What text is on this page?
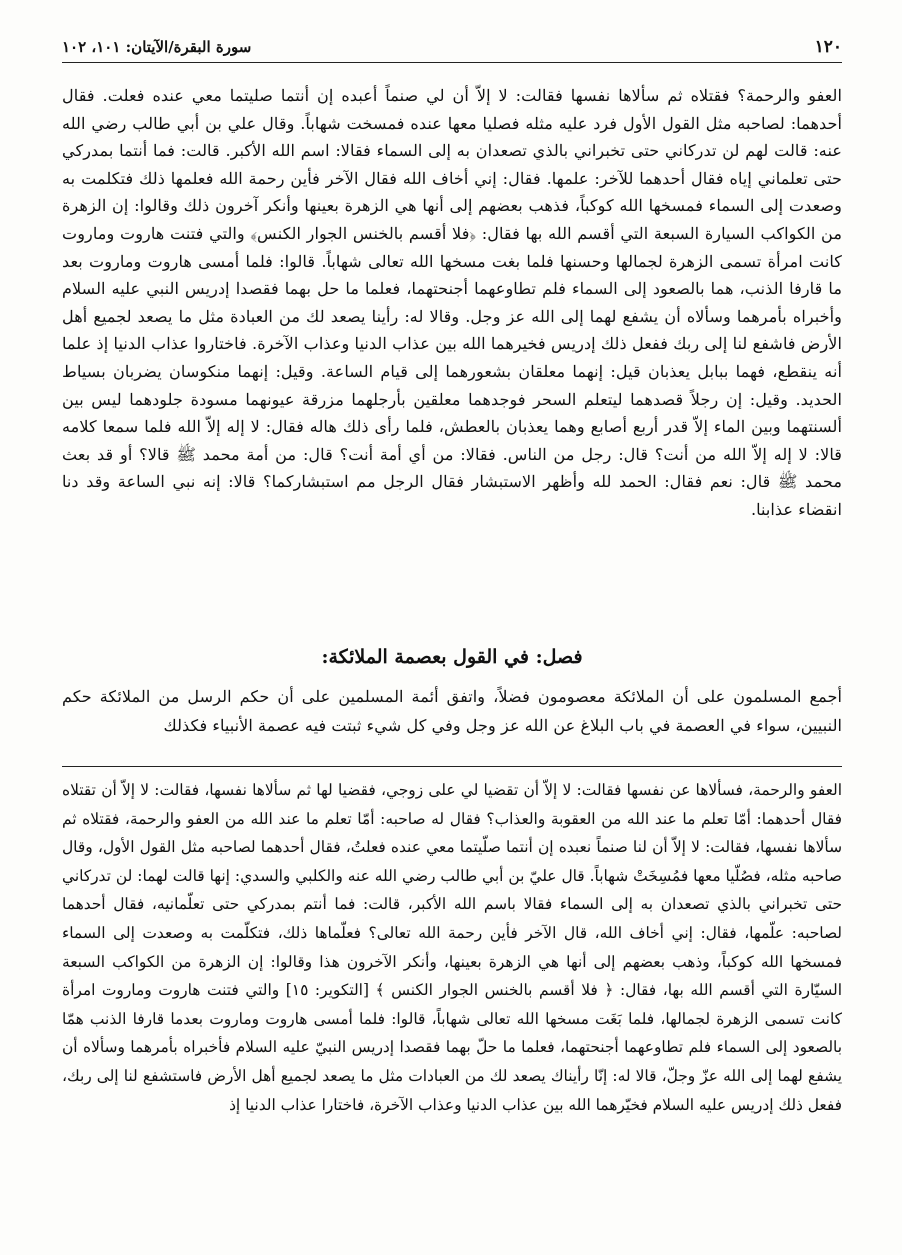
١٢٠
سورة البقرة/الآيتان: ١٠١، ١٠٢

العفو والرحمة؟ فقتلاه ثم سألاها نفسها فقالت: لا إلاّ أن لي صنماً أعبده إن أنتما صليتما معي عنده فعلت. فقال أحدهما: لصاحبه مثل القول الأول فرد عليه مثله فصليا معها عنده فمسخت شهاباً. وقال علي بن أبي طالب رضي الله عنه: قالت لهم لن تدركاني حتى تخبراني بالذي تصعدان به إلى السماء فقالا: اسم الله الأكبر. قالت: فما أنتما بمدركي حتى تعلماني إياه فقال أحدهما للآخر: علمها. فقال: إني أخاف الله فقال الآخر فأين رحمة الله فعلمها ذلك فتكلمت به وصعدت إلى السماء فمسخها الله كوكباً، فذهب بعضهم إلى أنها هي الزهرة بعينها وأنكر آخرون ذلك وقالوا: إن الزهرة من الكواكب السيارة السبعة التي أقسم الله بها فقال: ﴿فلا أقسم بالخنس الجوار الكنس﴾ والتي فتنت هاروت وماروت كانت امرأة تسمى الزهرة لجمالها وحسنها فلما بغت مسخها الله تعالى شهاباً. قالوا: فلما أمسى هاروت وماروت بعد ما قارفا الذنب، هما بالصعود إلى السماء فلم تطاوعهما أجنحتهما، فعلما ما حل بهما فقصدا إدريس النبي عليه السلام وأخبراه بأمرهما وسألاه أن يشفع لهما إلى الله عز وجل. وقالا له: رأينا يصعد لك من العبادة مثل ما يصعد لجميع أهل الأرض فاشفع لنا إلى ربك ففعل ذلك إدريس فخيرهما الله بين عذاب الدنيا وعذاب الآخرة. فاختاروا عذاب الدنيا إذ علما أنه ينقطع، فهما ببابل يعذبان قيل: إنهما معلقان بشعورهما إلى قيام الساعة. وقيل: إنهما منكوسان يضربان بسياط الحديد. وقيل: إن رجلاً قصدهما ليتعلم السحر فوجدهما معلقين بأرجلهما مزرقة عيونهما مسودة جلودهما ليس بين ألسنتهما وبين الماء إلاّ قدر أربع أصابع وهما يعذبان بالعطش، فلما رأى ذلك هاله فقال: لا إله إلاّ الله فلما سمعا كلامه قالا: لا إله إلاّ الله من أنت؟ قال: رجل من الناس. فقالا: من أي أمة أنت؟ قال: من أمة محمد ﷺ قالا؟ أو قد بعث محمد ﷺ قال: نعم فقال: الحمد لله وأظهر الاستبشار فقال الرجل مم استبشاركما؟ قالا: إنه نبي الساعة وقد دنا انقضاء عذابنا.

فصل: في القول بعصمة الملائكة:

أجمع المسلمون على أن الملائكة معصومون فضلاً، واتفق أئمة المسلمين على أن حكم الرسل من الملائكة حكم النبيين، سواء في العصمة في باب البلاغ عن الله عز وجل وفي كل شيء ثبتت فيه عصمة الأنبياء فكذلك

العفو والرحمة، فسألاها عن نفسها فقالت: لا إلاّ أن تقضيا لي على زوجي، فقضيا لها ثم سألاها نفسها، فقالت: لا إلاّ أن تقتلاه فقال أحدهما: أمّا تعلم ما عند الله من العقوبة والعذاب؟ فقال له صاحبه: أمّا تعلم ما عند الله من العفو والرحمة، فقتلاه ثم سألاها نفسها، فقالت: لا إلاّ أن لنا صنماً نعبده إن أنتما صلّيتما معي عنده فعلتُ، فقال أحدهما لصاحبه مثل القول الأول، وقال صاحبه مثله، فصُلّيا معها فمُسِخَتْ شهاباً. قال عليّ بن أبي طالب رضي الله عنه والكلبي والسدي: إنها قالت لهما: لن تدركاني حتى تخبراني بالذي تصعدان به إلى السماء فقالا باسم الله الأكبر، قالت: فما أنتم بمدركي حتى تعلّمانيه، فقال أحدهما لصاحبه: علّمها، فقال: إني أخاف الله، قال الآخر فأين رحمة الله تعالى؟ فعلّماها ذلك، فتكلّمت به وصعدت إلى السماء فمسخها الله كوكباً، وذهب بعضهم إلى أنها هي الزهرة بعينها، وأنكر الآخرون هذا وقالوا: إن الزهرة من الكواكب السبعة السيّارة التي أقسم الله بها، فقال: ﴿ فلا أقسم بالخنس الجوار الكنس ﴾ [التكوير: ١٥] والتي فتنت هاروت وماروت امرأة كانت تسمى الزهرة لجمالها، فلما بَغَت مسخها الله تعالى شهاباً، قالوا: فلما أمسى هاروت وماروت بعدما قارفا الذنب همّا بالصعود إلى السماء فلم تطاوعهما أجنحتهما، فعلما ما حلّ بهما فقصدا إدريس النبيّ عليه السلام فأخبراه بأمرهما وسألاه أن يشفع لهما إلى الله عزّ وجلّ، قالا له: إنّا رأيناك يصعد لك من العبادات مثل ما يصعد لجميع أهل الأرض فاستشفع لنا إلى ربك، ففعل ذلك إدريس عليه السلام فخيّرهما الله بين عذاب الدنيا وعذاب الآخرة، فاختارا عذاب الدنيا إذ
